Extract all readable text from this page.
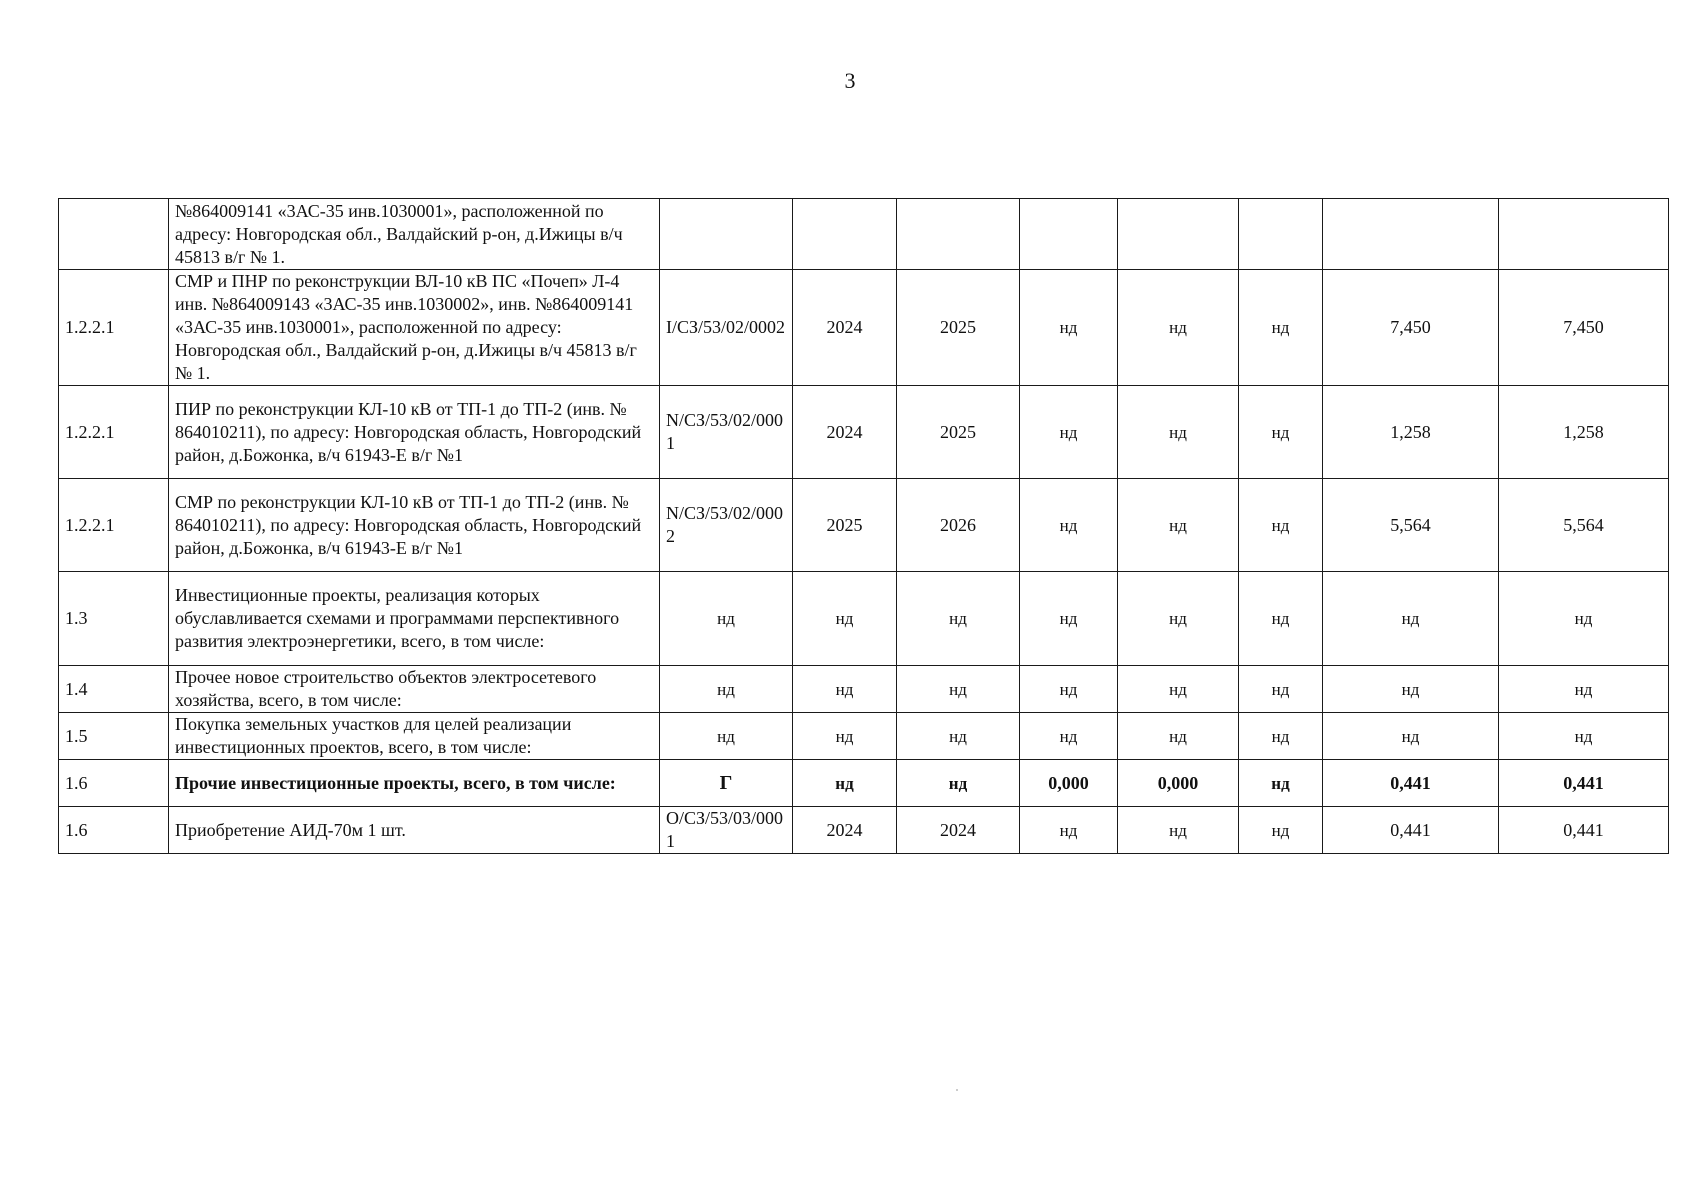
3
	№864009141 «3АС-35 инв.1030001», расположенной по адресу: Новгородская обл., Валдайский р-он, д.Ижицы в/ч 45813 в/г № 1.								
1.2.2.1	СМР и ПНР по реконструкции ВЛ-10 кВ ПС «Почеп» Л-4 инв. №864009143 «3АС-35 инв.1030002», инв. №864009141 «3АС-35 инв.1030001», расположенной по адресу: Новгородская обл., Валдайский р-он, д.Ижицы в/ч 45813 в/г № 1.	I/СЗ/53/02/0002	2024	2025	нд	нд	нд	7,450	7,450
1.2.2.1	ПИР по реконструкции КЛ-10 кВ от ТП-1 до ТП-2 (инв. № 864010211), по адресу: Новгородская область, Новгородский район, д.Божонка, в/ч 61943-Е в/г №1	N/СЗ/53/02/0001	2024	2025	нд	нд	нд	1,258	1,258
1.2.2.1	СМР по реконструкции КЛ-10 кВ от ТП-1 до ТП-2 (инв. № 864010211), по адресу: Новгородская область, Новгородский район, д.Божонка, в/ч 61943-Е в/г №1	N/СЗ/53/02/0002	2025	2026	нд	нд	нд	5,564	5,564
1.3	Инвестиционные проекты, реализация которых обуславливается схемами и программами перспективного развития электроэнергетики, всего, в том числе:	нд	нд	нд	нд	нд	нд	нд	нд
1.4	Прочее новое строительство объектов электросетевого хозяйства, всего, в том числе:	нд	нд	нд	нд	нд	нд	нд	нд
1.5	Покупка земельных участков для целей реализации инвестиционных проектов, всего, в том числе:	нд	нд	нд	нд	нд	нд	нд	нд
1.6	Прочие инвестиционные проекты, всего, в том числе:	Г	нд	нд	0,000	0,000	нд	0,441	0,441
1.6	Приобретение АИД-70м 1 шт.	O/СЗ/53/03/0001	2024	2024	нд	нд	нд	0,441	0,441
